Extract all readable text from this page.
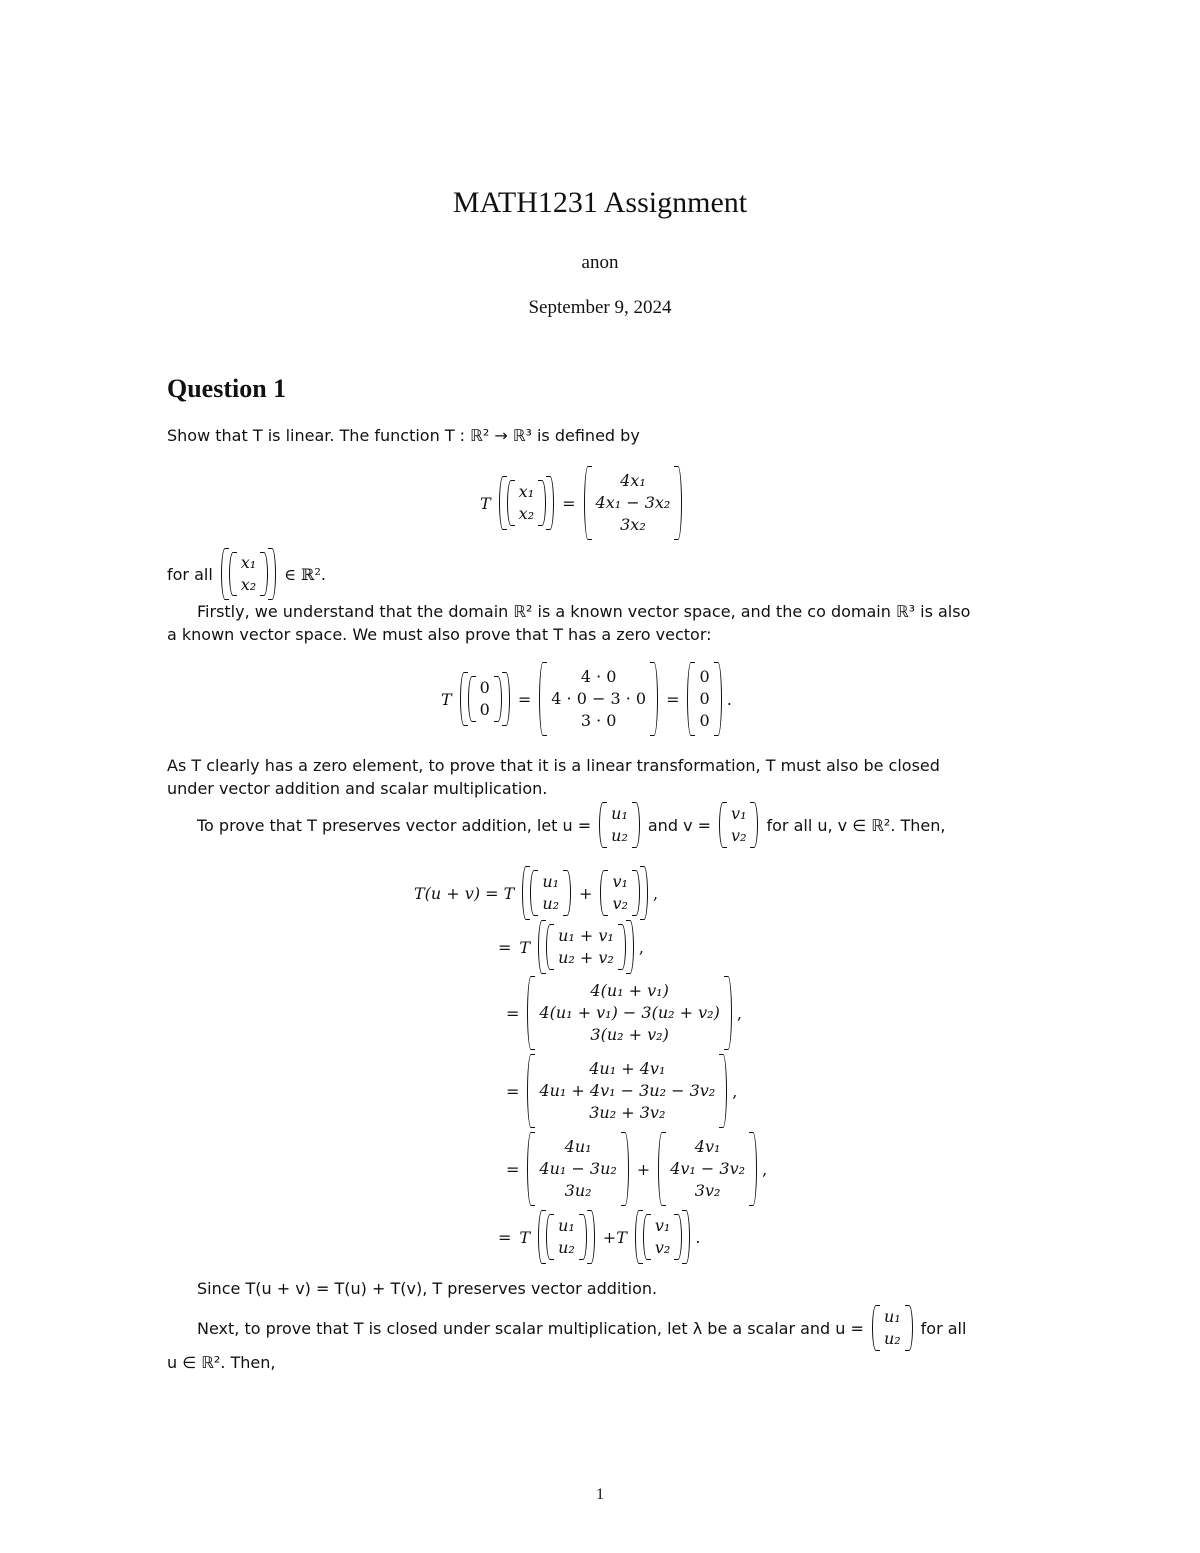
MATH1231 Assignment
anon
September 9, 2024
Question 1
Show that T is linear. The function T : ℝ² → ℝ³ is defined by
T
x₁
x₂
=
4x₁
4x₁ − 3x₂
3x₂
for all
x₁
x₂
∈ ℝ².
Firstly, we understand that the domain ℝ² is a known vector space, and the co domain ℝ³ is also
a known vector space. We must also prove that T has a zero vector:
T
0
0
=
4 · 0
4 · 0 − 3 · 0
3 · 0
=
0
0
0
.
As T clearly has a zero element, to prove that it is a linear transformation, T must also be closed
under vector addition and scalar multiplication.
To prove that T preserves vector addition, let u =
u₁
u₂
and v =
v₁
v₂
for all u, v ∈ ℝ². Then,
T(u + v) = T
u₁
u₂
+
v₁
v₂
,
= T
u₁ + v₁
u₂ + v₂
,
=
4(u₁ + v₁)
4(u₁ + v₁) − 3(u₂ + v₂)
3(u₂ + v₂)
,
=
4u₁ + 4v₁
4u₁ + 4v₁ − 3u₂ − 3v₂
3u₂ + 3v₂
,
=
4u₁
4u₁ − 3u₂
3u₂
+
4v₁
4v₁ − 3v₂
3v₂
,
= T
u₁
u₂
+ T
v₁
v₂
.
Since T(u + v) = T(u) + T(v), T preserves vector addition.
Next, to prove that T is closed under scalar multiplication, let λ be a scalar and u =
u₁
u₂
for all
u ∈ ℝ². Then,
1
